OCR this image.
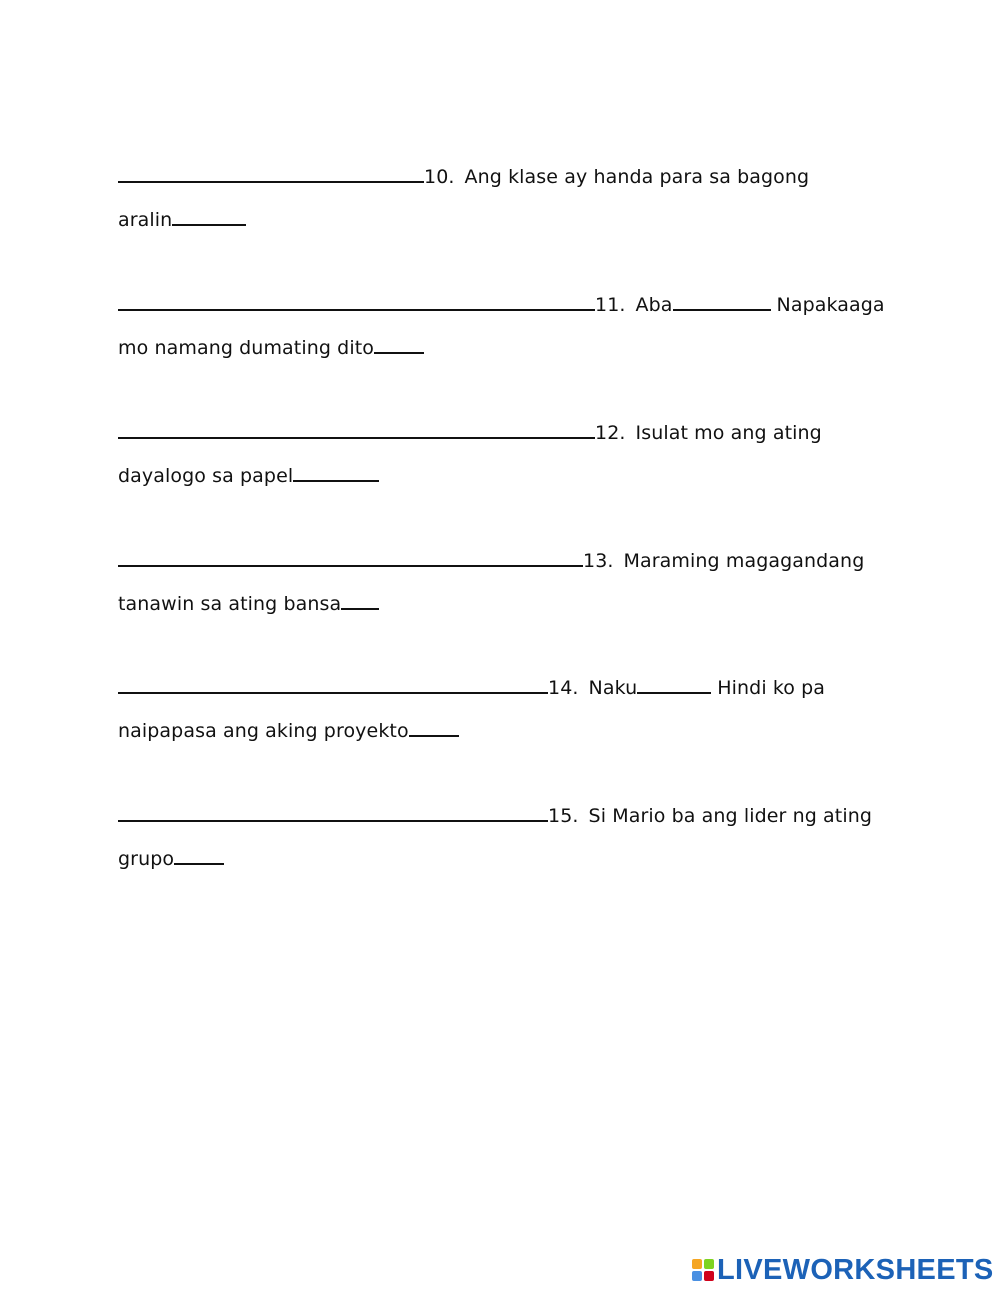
10. Ang klase ay handa para sa bagong
aralin
11. Aba	Napakaaga
mo namang dumating dito
12. Isulat mo ang ating
dayalogo sa papel
13. Maraming magagandang
tanawin sa ating bansa
14. Naku	Hindi ko pa
naipapasa ang aking proyekto
15. Si Mario ba ang lider ng ating
grupo
LIVEWORKSHEETS
